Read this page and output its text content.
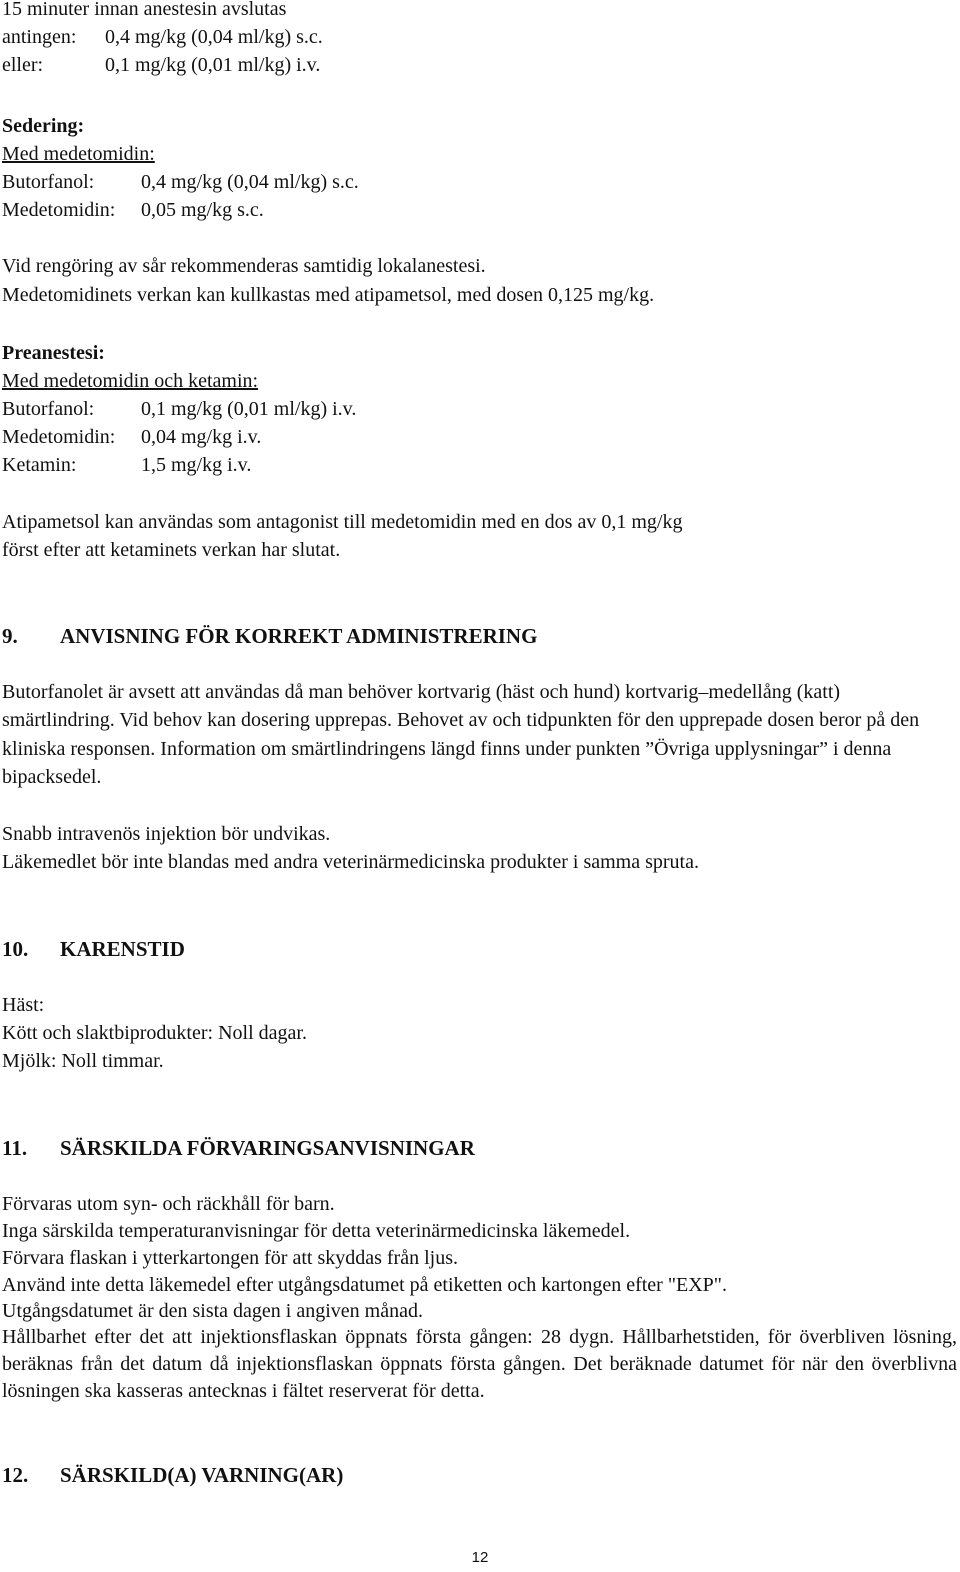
15 minuter innan anestesin avslutas
antingen: 0,4 mg/kg (0,04 ml/kg) s.c.
eller:	0,1 mg/kg (0,01 ml/kg) i.v.
Sedering:
Med medetomidin:
Butorfanol: 0,4 mg/kg (0,04 ml/kg) s.c.
Medetomidin: 0,05 mg/kg s.c.
Vid rengöring av sår rekommenderas samtidig lokalanestesi.
Medetomidinets verkan kan kullkastas med atipametsol, med dosen 0,125 mg/kg.
Preanestesi:
Med medetomidin och ketamin:
Butorfanol: 0,1 mg/kg (0,01 ml/kg) i.v.
Medetomidin: 0,04 mg/kg i.v.
Ketamin:	1,5 mg/kg i.v.
Atipametsol kan användas som antagonist till medetomidin med en dos av 0,1 mg/kg
först efter att ketaminets verkan har slutat.
9. ANVISNING FÖR KORREKT ADMINISTRERING
Butorfanolet är avsett att användas då man behöver kortvarig (häst och hund) kortvarig–medellång (katt) smärtlindring. Vid behov kan dosering upprepas. Behovet av och tidpunkten för den upprepade dosen beror på den kliniska responsen. Information om smärtlindringens längd finns under punkten ”Övriga upplysningar” i denna bipacksedel.
Snabb intravenös injektion bör undvikas.
Läkemedlet bör inte blandas med andra veterinärmedicinska produkter i samma spruta.
10. KARENSTID
Häst:
Kött och slaktbiprodukter: Noll dagar.
Mjölk: Noll timmar.
11. SÄRSKILDA FÖRVARINGSANVISNINGAR
Förvaras utom syn- och räckhåll för barn.
Inga särskilda temperaturanvisningar för detta veterinärmedicinska läkemedel.
Förvara flaskan i ytterkartongen för att skyddas från ljus.
Använd inte detta läkemedel efter utgångsdatumet på etiketten och kartongen efter "EXP".
Utgångsdatumet är den sista dagen i angiven månad.
Hållbarhet efter det att injektionsflaskan öppnats första gången: 28 dygn. Hållbarhetstiden, för överbliven lösning, beräknas från det datum då injektionsflaskan öppnats första gången. Det beräknade datumet för när den överblivna lösningen ska kasseras antecknas i fältet reserverat för detta.
12. SÄRSKILD(A) VARNING(AR)
12
